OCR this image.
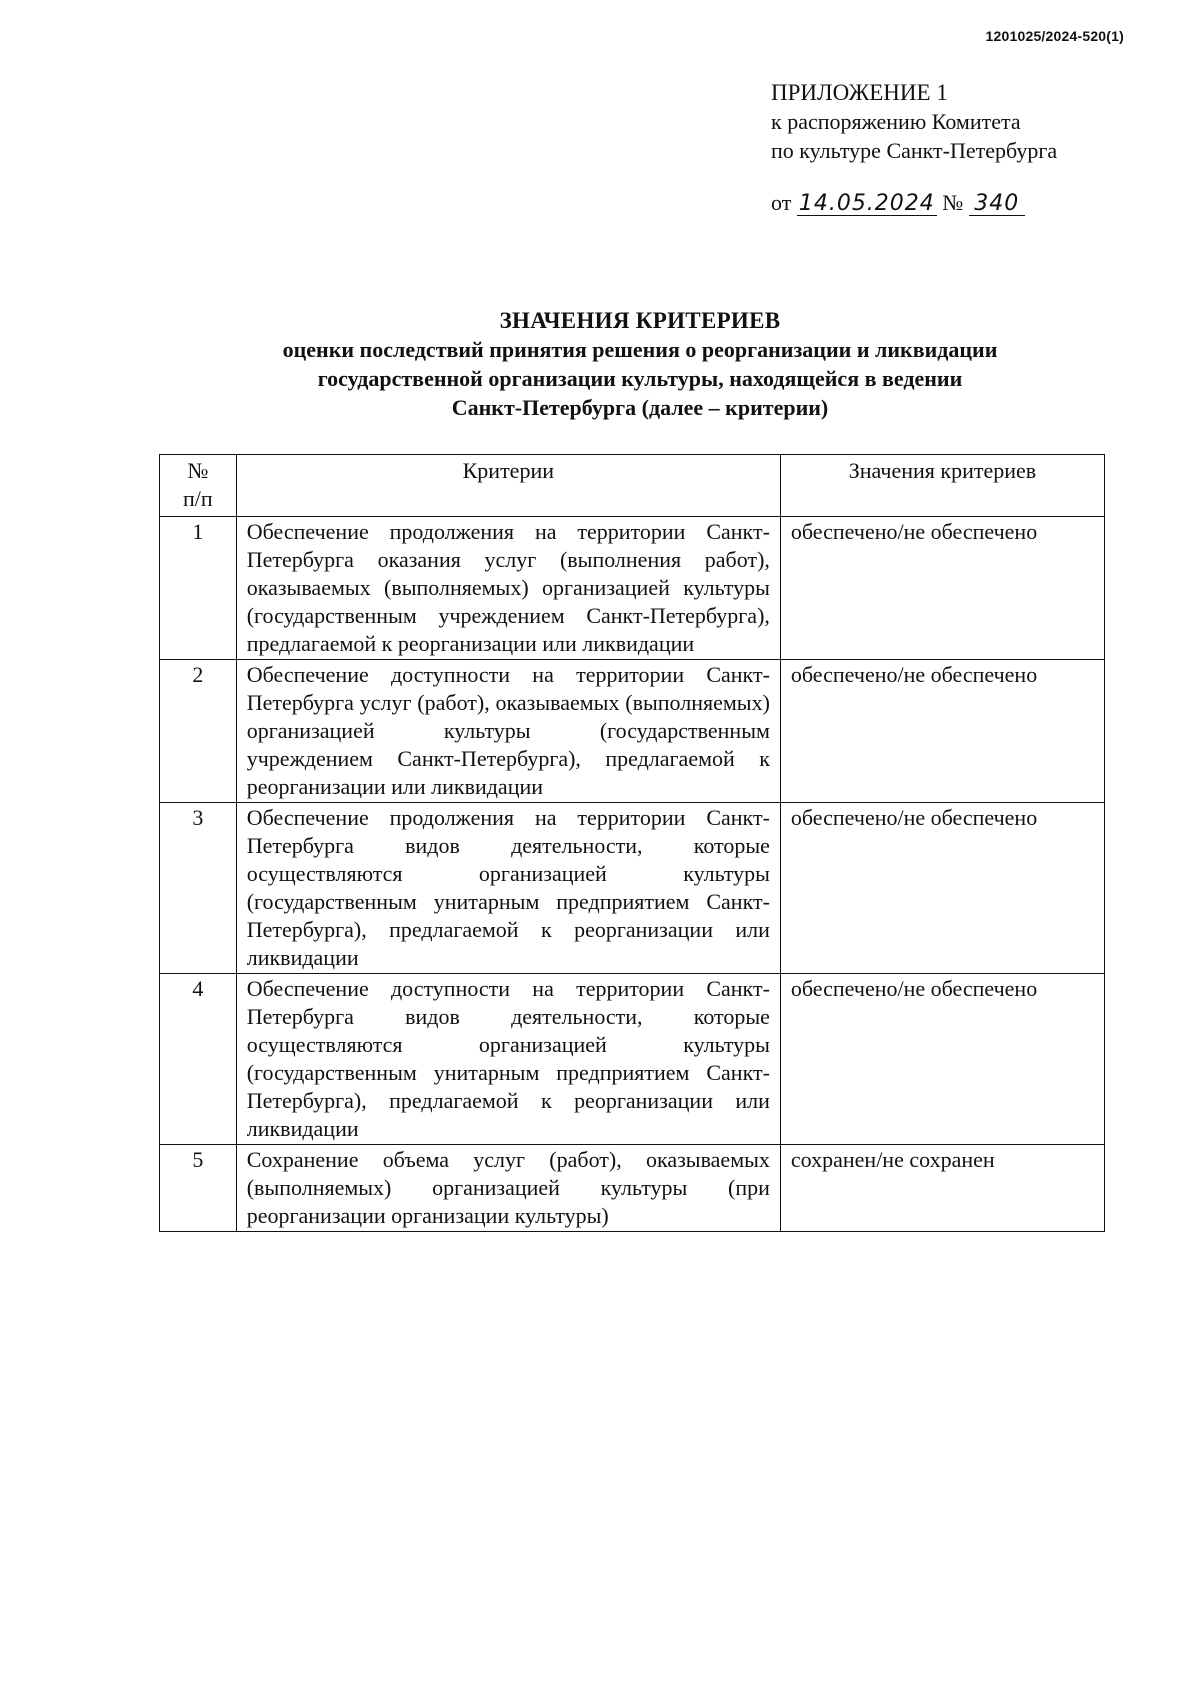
1201025/2024-520(1)
ПРИЛОЖЕНИЕ 1
к распоряжению Комитета
по культуре Санкт-Петербурга
от 14.05.2024 № 340
ЗНАЧЕНИЯ КРИТЕРИЕВ
оценки последствий принятия решения о реорганизации и ликвидации
государственной организации культуры, находящейся в ведении
Санкт-Петербурга (далее – критерии)
№
п/п	Критерии	Значения критериев
1	Обеспечение продолжения на территории Санкт-Петербурга оказания услуг (выполнения работ), оказываемых (выполняемых) организацией культуры (государственным учреждением Санкт-Петербурга), предлагаемой к реорганизации или ликвидации	обеспечено/не обеспечено
2	Обеспечение доступности на территории Санкт-Петербурга услуг (работ), оказываемых (выполняемых) организацией культуры (государственным учреждением Санкт-Петербурга), предлагаемой к реорганизации или ликвидации	обеспечено/не обеспечено
3	Обеспечение продолжения на территории Санкт-Петербурга видов деятельности, которые осуществляются организацией культуры (государственным унитарным предприятием Санкт-Петербурга), предлагаемой к реорганизации или ликвидации	обеспечено/не обеспечено
4	Обеспечение доступности на территории Санкт-Петербурга видов деятельности, которые осуществляются организацией культуры (государственным унитарным предприятием Санкт-Петербурга), предлагаемой к реорганизации или ликвидации	обеспечено/не обеспечено
5	Сохранение объема услуг (работ), оказываемых (выполняемых) организацией культуры (при реорганизации организации культуры)	сохранен/не сохранен
